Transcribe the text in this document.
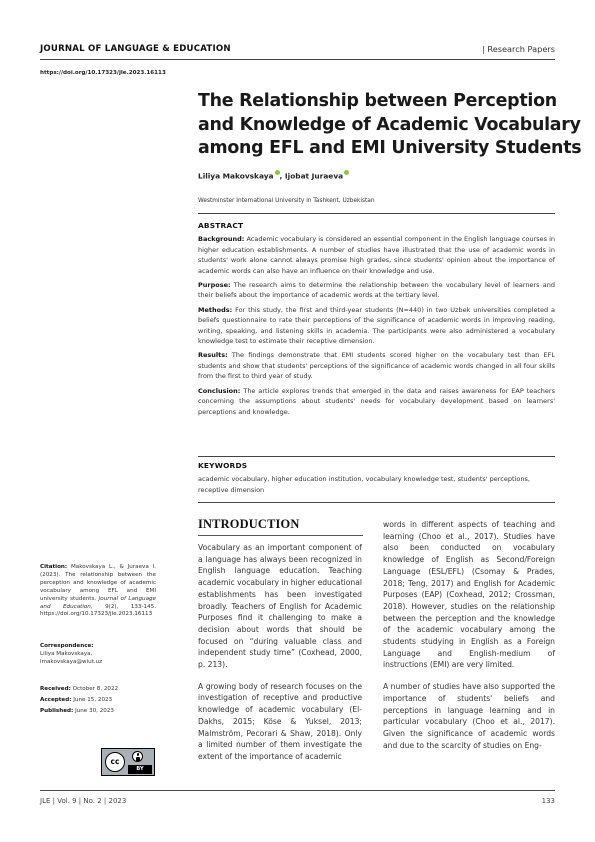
JOURNAL OF LANGUAGE & EDUCATION	| Research Papers
https://doi.org/10.17323/jle.2023.16113
The Relationship between Perception
and Knowledge of Academic Vocabulary
among EFL and EMI University Students
Liliya Makovskaya , Ijobat Juraeva
Westminster International University in Tashkent, Uzbekistan
ABSTRACT
Background: Academic vocabulary is considered an essential component in the English language courses in higher education establishments. A number of studies have illustrated that the use of academic words in students' work alone cannot always promise high grades, since students' opinion about the importance of academic words can also have an influence on their knowledge and use.
Purpose: The research aims to determine the relationship between the vocabulary level of learners and their beliefs about the importance of academic words at the tertiary level.
Methods: For this study, the first and third-year students (N=440) in two Uzbek universities completed a beliefs questionnaire to rate their perceptions of the significance of academic words in improving reading, writing, speaking, and listening skills in academia. The participants were also administered a vocabulary knowledge test to estimate their receptive dimension.
Results: The findings demonstrate that EMI students scored higher on the vocabulary test than EFL students and show that students' perceptions of the significance of academic words changed in all four skills from the first to third year of study.
Conclusion: The article explores trends that emerged in the data and raises awareness for EAP teachers concerning the assumptions about students' needs for vocabulary development based on learners' perceptions and knowledge.
KEYWORDS
academic vocabulary, higher education institution, vocabulary knowledge test, students' perceptions, receptive dimension
INTRODUCTION

Vocabulary as an important component of a language has always been recognized in English language education. Teaching academic vocabulary in higher educational establishments has been investigated broadly. Teachers of English for Academic Purposes find it challenging to make a decision about words that should be focused on “during valuable class and independent study time” (Coxhead, 2000, p. 213).

A growing body of research focuses on the investigation of receptive and productive knowledge of academic vocabulary (El-Dakhs, 2015; Köse & Yuksel, 2013; Malmström, Pecorari & Shaw, 2018). Only a limited number of them investigate the extent of the importance of academic

words in different aspects of teaching and learning (Choo et al., 2017). Studies have also been conducted on vocabulary knowledge of English as Second/Foreign Language (ESL/EFL) (Csomay & Prades, 2018; Teng, 2017) and English for Academic Purposes (EAP) (Coxhead, 2012; Crossman, 2018). However, studies on the relationship between the perception and the knowledge of the academic vocabulary among the students studying in English as a Foreign Language and English-medium of instructions (EMI) are very limited.

A number of studies have also supported the importance of students' beliefs and perceptions in language learning and in particular vocabulary (Choo et al., 2017). Given the significance of academic words and due to the scarcity of studies on Eng-

Citation: Makovskaya L., & Juraeva I. (2023). The relationship between the perception and knowledge of academic vocabulary among EFL and EMI university students. Journal of Language and Education, 9(2), 133-145. https://doi.org/10.17323/jle.2023.16113
Correspondence:
Liliya Makovskaya,
lmakovskaya@wiut.uz
Received: October 8, 2022
Accepted: June 15, 2023
Published: June 30, 2023
cc
BY
JLE | Vol. 9 | No. 2 | 2023	133
